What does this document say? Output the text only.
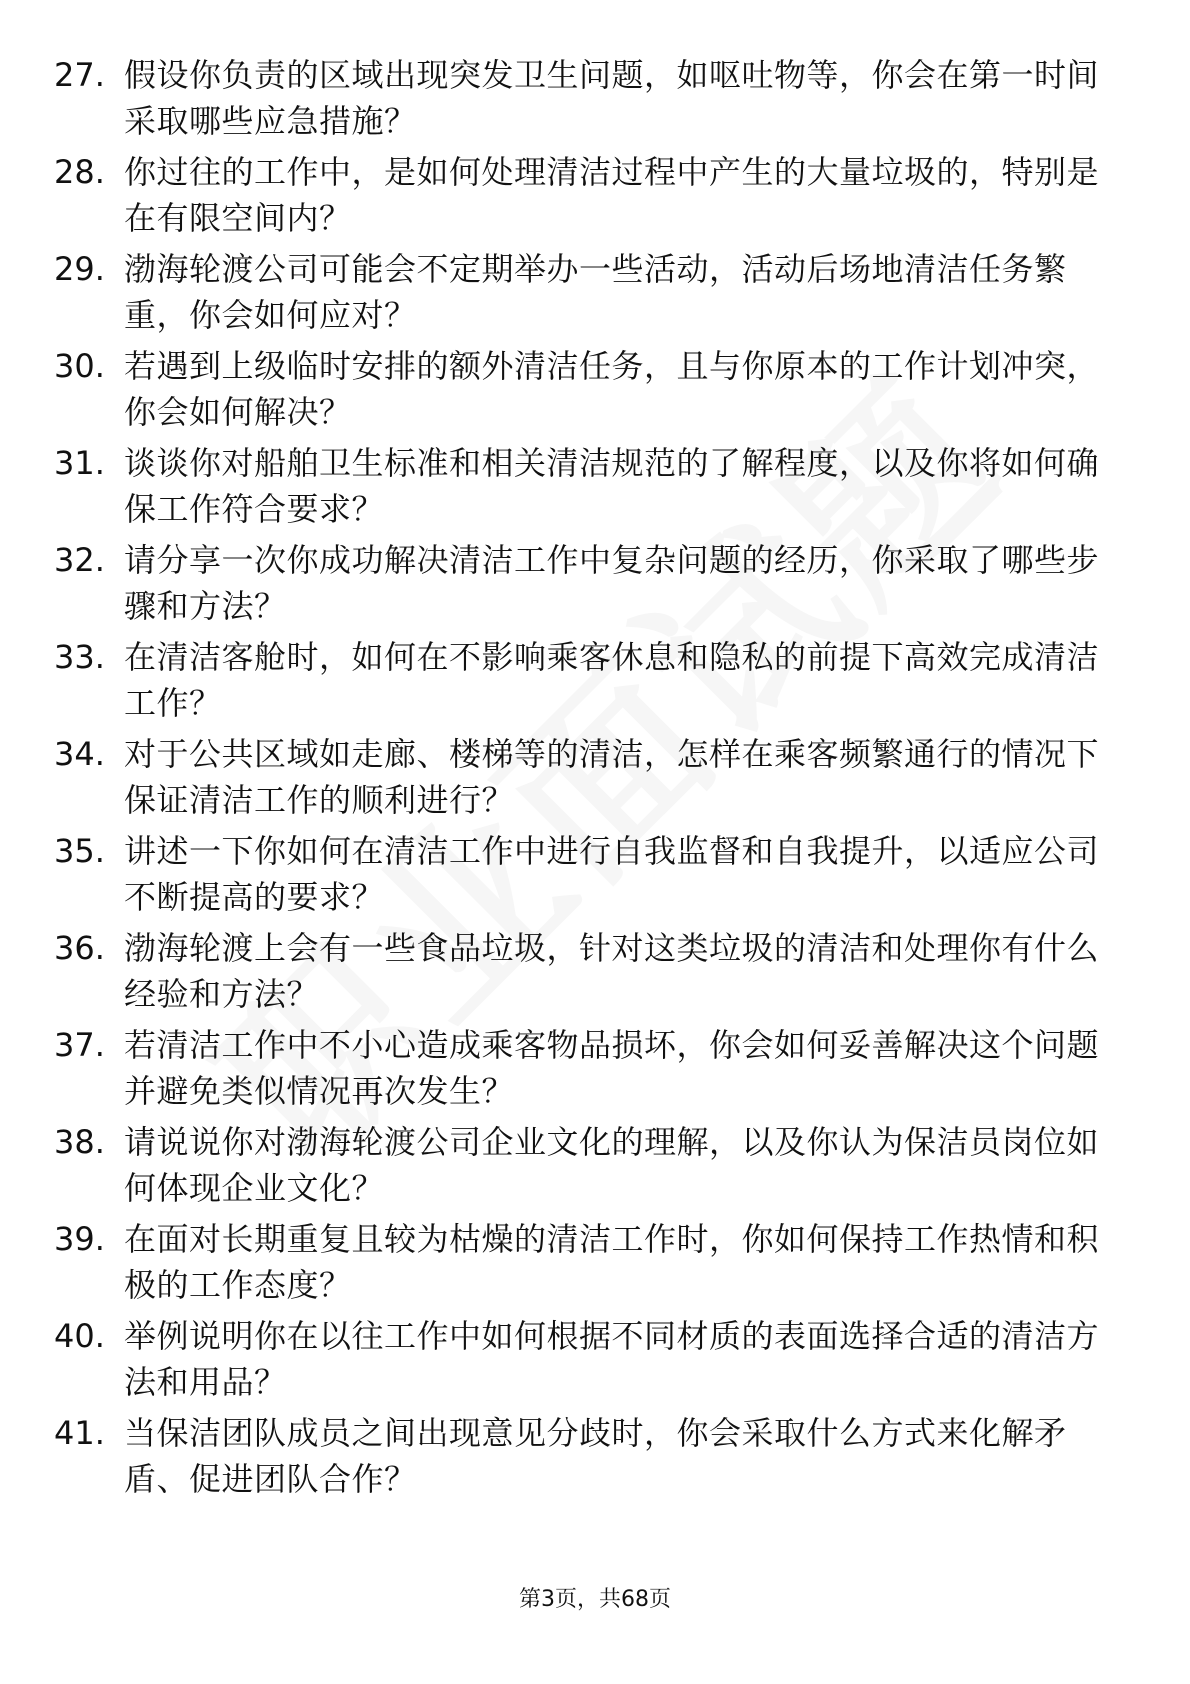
27. 假设你负责的区域出现突发卫生问题，如呕吐物等，你会在第一时间采取哪些应急措施？
28. 你过往的工作中，是如何处理清洁过程中产生的大量垃圾的，特别是在有限空间内？
29. 渤海轮渡公司可能会不定期举办一些活动，活动后场地清洁任务繁重，你会如何应对？
30. 若遇到上级临时安排的额外清洁任务，且与你原本的工作计划冲突，你会如何解决？
31. 谈谈你对船舶卫生标准和相关清洁规范的了解程度，以及你将如何确保工作符合要求？
32. 请分享一次你成功解决清洁工作中复杂问题的经历，你采取了哪些步骤和方法？
33. 在清洁客舱时，如何在不影响乘客休息和隐私的前提下高效完成清洁工作？
34. 对于公共区域如走廊、楼梯等的清洁，怎样在乘客频繁通行的情况下保证清洁工作的顺利进行？
35. 讲述一下你如何在清洁工作中进行自我监督和自我提升，以适应公司不断提高的要求？
36. 渤海轮渡上会有一些食品垃圾，针对这类垃圾的清洁和处理你有什么经验和方法？
37. 若清洁工作中不小心造成乘客物品损坏，你会如何妥善解决这个问题并避免类似情况再次发生？
38. 请说说你对渤海轮渡公司企业文化的理解，以及你认为保洁员岗位如何体现企业文化？
39. 在面对长期重复且较为枯燥的清洁工作时，你如何保持工作热情和积极的工作态度？
40. 举例说明你在以往工作中如何根据不同材质的表面选择合适的清洁方法和用品？
41. 当保洁团队成员之间出现意见分歧时，你会采取什么方式来化解矛盾、促进团队合作？
第3页，共68页
